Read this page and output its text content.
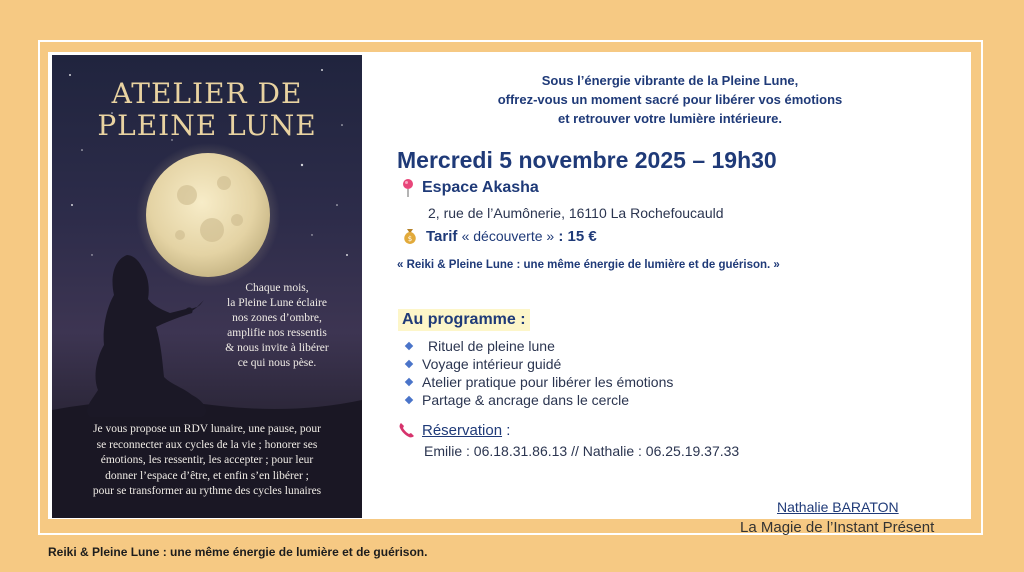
ATELIER DE
PLEINE LUNE
Chaque mois,
la Pleine Lune éclaire
nos zones d’ombre,
amplifie nos ressentis
& nous invite à libérer
ce qui nous pèse.
Je vous propose un RDV lunaire, une pause, pour
se reconnecter aux cycles de la vie ; honorer ses
émotions, les ressentir, les accepter ; pour leur
donner l’espace d’être, et enfin s’en libérer ;
pour se transformer au rythme des cycles lunaires
Sous l’énergie vibrante de la Pleine Lune,
offrez-vous un moment sacré pour libérer vos émotions
et retrouver votre lumière intérieure.
Mercredi 5 novembre 2025 – 19h30
Espace Akasha
2, rue de l’Aumônerie, 16110 La Rochefoucauld
$ Tarif « découverte » : 15 €
« Reiki & Pleine Lune : une même énergie de lumière et de guérison. »
Au programme :
Rituel de pleine lune
Voyage intérieur guidé
Atelier pratique pour libérer les émotions
Partage & ancrage dans le cercle
Réservation :
Emilie : 06.18.31.86.13 // Nathalie : 06.25.19.37.33
Nathalie BARATON
La Magie de l’Instant Présent
Reiki & Pleine Lune : une même énergie de lumière et de guérison.
